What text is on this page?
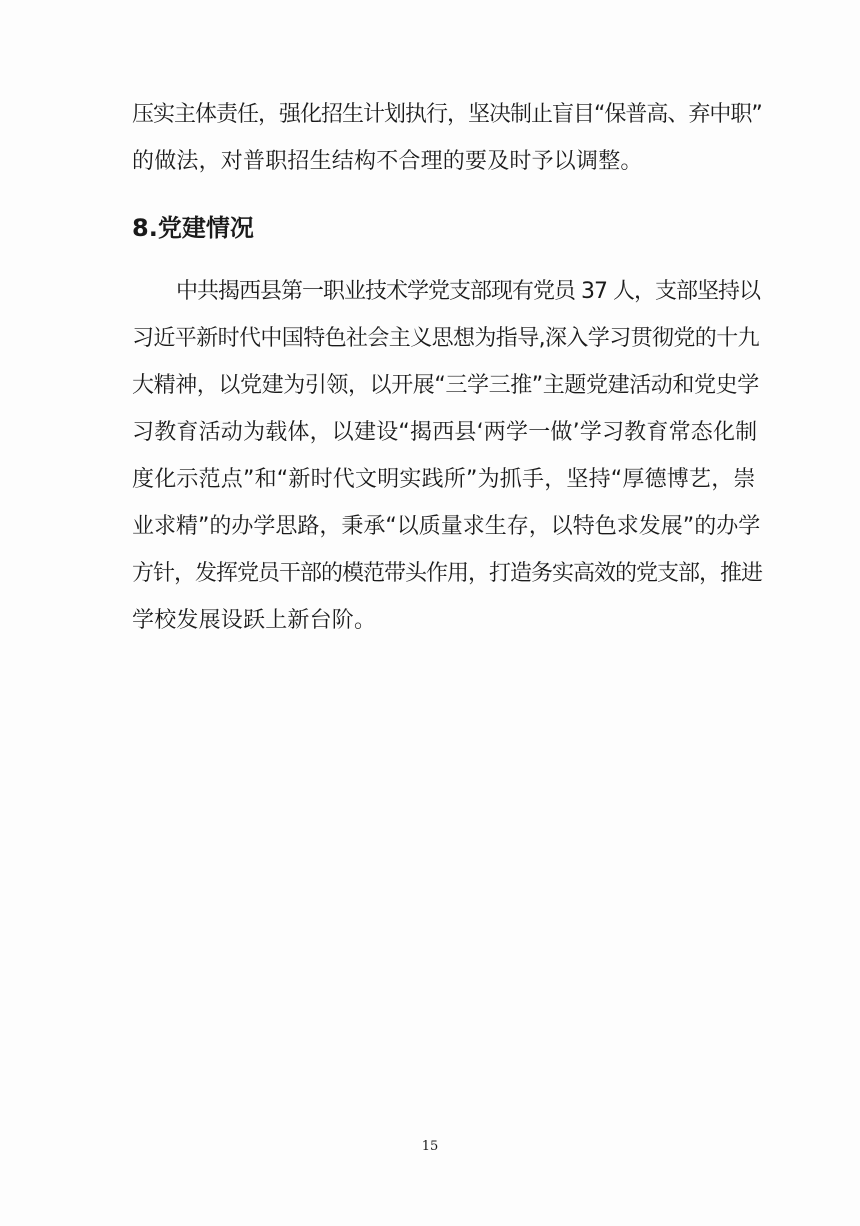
压实主体责任，强化招生计划执行，坚决制止盲目“保普高、弃中职”
的做法，对普职招生结构不合理的要及时予以调整。
8.党建情况
中共揭西县第一职业技术学党支部现有党员 37 人，支部坚持以
习近平新时代中国特色社会主义思想为指导,深入学习贯彻党的十九
大精神，以党建为引领，以开展“三学三推”主题党建活动和党史学
习教育活动为载体，以建设“揭西县‘两学一做’学习教育常态化制
度化示范点”和“新时代文明实践所”为抓手，坚持“厚德博艺，崇
业求精”的办学思路，秉承“以质量求生存，以特色求发展”的办学
方针，发挥党员干部的模范带头作用，打造务实高效的党支部，推进
学校发展设跃上新台阶。
15
